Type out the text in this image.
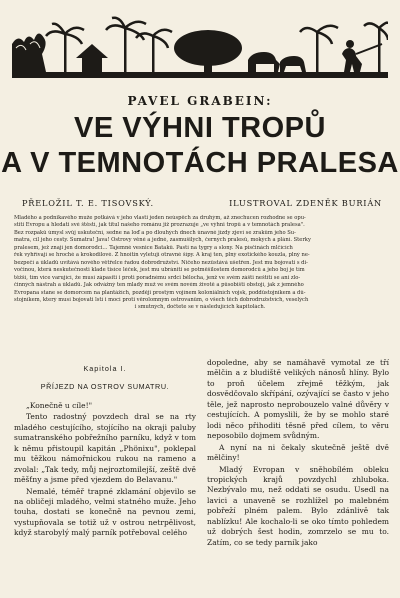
PAVEL GRABEIN:
VE VÝHNI TROPŮ
A V TEMNOTÁCH PRALESA
PŘELOŽIL T. E. TISOVSKÝ.	ILUSTROVAL ZDENĚK BURIÁN
Mladého a podnikavého muže potkává v jeho vlasti jeden neúspěch za druhým, až znechucen rozhodne se opu-
stiti Evropu a hledati své štěstí, jak titul našeho románu již prozrazuje „ve výhni tropů a v temnotách pralesa".
Bez rozpaků úmysl svůj uskuteční, sedne na loď a po dlouhých dnech únavné jízdy zjeví se zrakům jeho Su-
matra, cíl jeho cesty. Sumatra! Java! Ostrovy věné a jedné, zasmušilých, černých pralesů, mokých a plání. Sterky
pralesem, jež znají jen domorodci… Tajemné vesnice Bataků. Pastí na tygry a slony. Na písčinách mlčících
řek vyhřívají se hroché a krokodilové. Z hnoitin vyletují otravné šípy. A kraj ten, plný exotického kouzla, plný ne-
bezpečí a úkladů uvítává nového větřelce řadou dobrodružství. Ničeho nezůstává ušetřen. Jest mu bojovati s di-
vočinou, která neskutečnosti klade tisíce léček, jest mu ubrániti se potměšilostem domorodců a jeho boj je tím
těžší, tím více varující, že musí zápasiti i proti poradnému srdci bělocha, jenž ve svém zášti neštítí se ani zlo-
činných nástrah a úkladů. Jak odvážný ten mladý muž ve svém novém životě a působišti obstojí, jak z jemného
Evropana stane se domorcem na plantážích, později prostým vojínem koloniálních vojsk, poddůstojníkem a dů-
stojníkem, který musí bojovati lstí i mocí proti věrolomným ostrovanům, o všech těch dobrodružstvích, veselých
i smutných, dočtete se v následujících kapitolách.
Kapitola I.
PŘÍJEZD NA OSTROV SUMATRU.

„Konečně u cíle!"

Tento radostný povzdech dral se na rty mladého cestujícího, stojícího na okraji paluby sumatranského pobřežního parníku, když v tom k němu přistoupil kapitán „Phönixu", poklepal mu těžkou námořnickou rukou na rameno a zvolal: „Tak tedy, můj nejroztomilejší, zeště dvě měšťny a jsme před vjezdem do Belavanu."

Nemalé, téměř trapné zklamání objevilo se na obličeji mladého, velmi statného muže. Jeho touha, dostati se konečně na pevnou zemi, vystupňovala se totiž už v ostrou netrpělivost, když starobylý malý parník potřeboval celého

dopoledne, aby se namáhavě vymotal ze tří mělčin a z bludiště velikých nánosů hlíny. Bylo to proň účelem zřejmě těžkým, jak dosvědčovalo skřípání, ozývající se často v jeho těle, jež naprosto neprobouzelo valné důvěry v cestujících. A pomyslili, že by se mohlo staré lodi něco přihoditi těsně před cílem, to věru neposobilo dojmem svůdným.

A nyní na ni čekaly skutečně ještě dvě mělčiny!

Mladý Evropan v sněhobílém obleku tropických krajů povzdychl zhluboka. Nezbývalo mu, než oddati se osudu. Usedl na lavici a unaveně se rozhlížel po malebném pobřeží plném palem. Bylo zdánlivě tak nablízku! Ale kochalo-li se oko tímto pohledem už dobrých šest hodin, zomrzelo se mu to. Zatím, co se tedy parník jako
